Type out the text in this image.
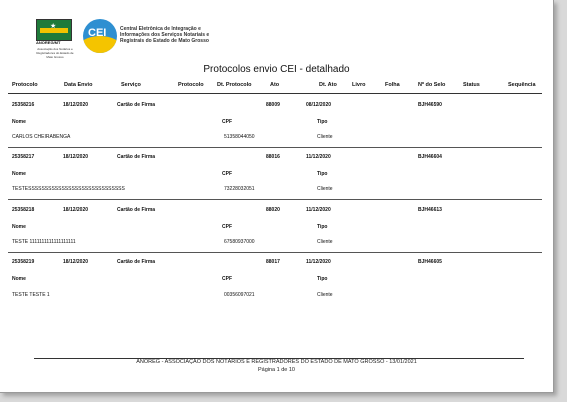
★
ANOREG/MT
Associação dos Notários e Registradores do Estado de Mato Grosso
CEI	Central Eletrônica de Integração e Informações dos Serviços Notariais e Registrais do Estado de Mato Grosso
Protocolos envio CEI - detalhado
Protocolo	Data Envio	Serviço	Protocolo Dt. Protocolo	Ato	Dt. Ato	Livro	Folha	Nº do Selo	Status	Sequência
25358216	18/12/2020	Cartão de Firma	88009	08/12/2020	BJH46590
Nome	CPF	Tipo
CARLOS CHEIRABENGA	51358044050	Cliente
25358217	18/12/2020	Cartão de Firma	88016	11/12/2020	BJH46604
Nome	CPF	Tipo
TESTESSSSSSSSSSSSSSSSSSSSSSSSSSSSS	73228032051	Cliente
25358218	18/12/2020	Cartão de Firma	88020	11/12/2020	BJH46613
Nome	CPF	Tipo
TESTE 1111111111111111111	67580937000	Cliente
25358219	18/12/2020	Cartão de Firma	88017	11/12/2020	BJH46605
Nome	CPF	Tipo
TESTE TESTE 1	00356097021	Cliente
ANOREG - ASSOCIAÇÃO DOS NOTÁRIOS E REGISTRADORES DO ESTADO DE MATO GROSSO - 13/01/2021
Página 1 de 10
